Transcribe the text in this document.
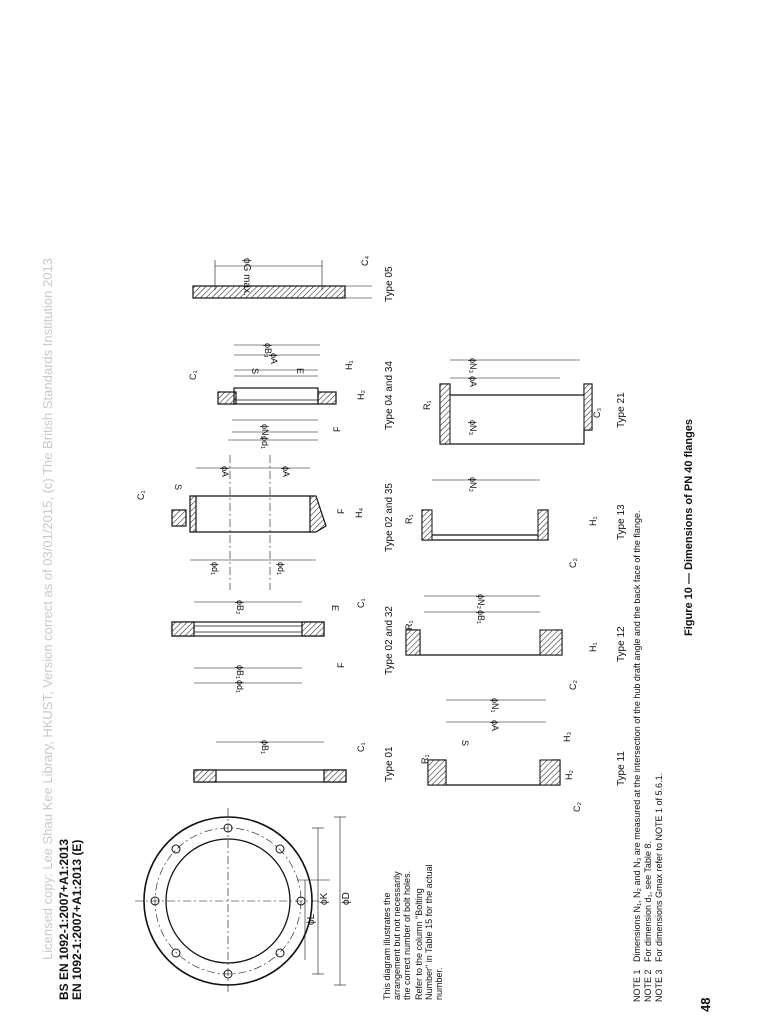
Licensed copy: Lee Shau Kee Library, HKUST, Version correct as of 03/01/2015, (c) The British Standards Institution 2013 BS EN 1092-1:2007+A1:2013 EN 1092-1:2007+A1:2013 (E)	ϕL
ϕK ϕD	This diagram illustrates the arrangement but not necessarily the correct number of bolt holes. Refer to the column "Bolting Number" in Table 15 for the actual number.
ϕG max.	C₄
Type 05
ϕB₃
ϕA
S	E
ϕN₁
ϕd₁
C₁
H₁
H₂
F	Type 04 and 34
ϕA	ϕA
S
C₁
F H₄
ϕd₁	ϕd₁
Type 02 and 35
ϕB₂	E
C₁
ϕB₁
ϕd₁
F	Type 02 and 32
ϕB₁	C₁ Type 01
ϕN₃
ϕA
ϕN₃
R₁
C₃ Type 21
ϕN₂
R₁	H₁
C₂
Type 13
ϕN₂
ϕB₁
R₁
H₁
C₂
Type 12
ϕN₁
ϕA
S
R₁
H₃
H₂
C₂
Type 11
NOTE 1
Dimensions N₁, N₂ and N₃ are measured at the intersection of the hub draft angle and the back face of the flange.
NOTE 2
For dimension d₁, see Table 8.
NOTE 3
For dimensions Gmax refer to NOTE 1 of 5.6.1.
Figure 10 — Dimensions of PN 40 flanges
48
